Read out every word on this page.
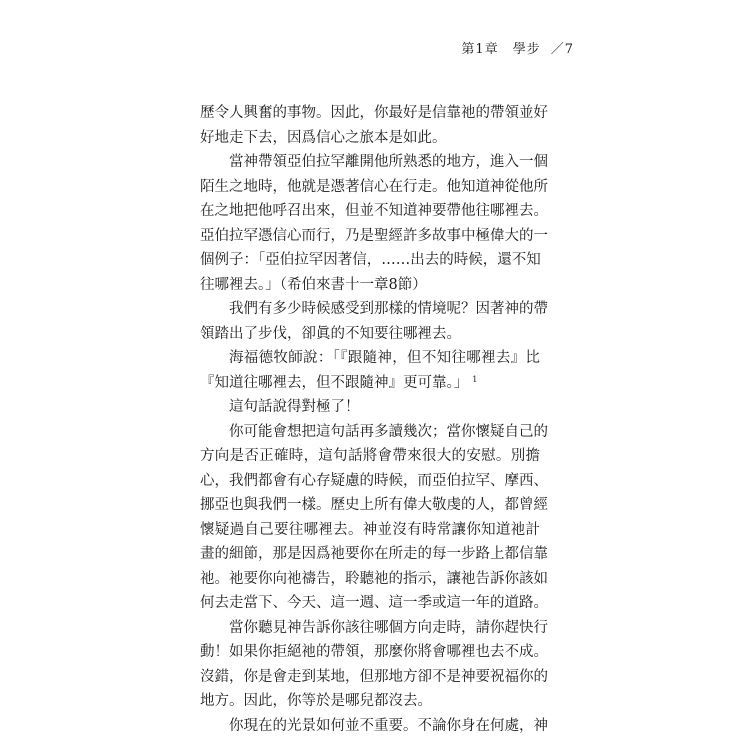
第1章 學步 ／7
歷令人興奮的事物。因此，你最好是信靠祂的帶領並好
好地走下去，因爲信心之旅本是如此。
當神帶領亞伯拉罕離開他所熟悉的地方，進入一個
陌生之地時，他就是憑著信心在行走。他知道神從他所
在之地把他呼召出來，但並不知道神要帶他往哪裡去。
亞伯拉罕憑信心而行，乃是聖經許多故事中極偉大的一
個例子：「亞伯拉罕因著信，……出去的時候，還不知
往哪裡去。」（希伯來書十一章8節）
我們有多少時候感受到那樣的情境呢？因著神的帶
領踏出了步伐，卻眞的不知要往哪裡去。
海福德牧師說：「『跟隨神，但不知往哪裡去』比
『知道往哪裡去，但不跟隨神』更可靠。」 $^1$
這句話說得對極了！
你可能會想把這句話再多讀幾次；當你懷疑自己的
方向是否正確時，這句話將會帶來很大的安慰。別擔
心，我們都會有心存疑慮的時候，而亞伯拉罕、摩西、
挪亞也與我們一樣。歷史上所有偉大敬虔的人，都曾經
懷疑過自己要往哪裡去。神並沒有時常讓你知道祂計
畫的細節，那是因爲祂要你在所走的每一步路上都信靠
祂。祂要你向祂禱告，聆聽祂的指示，讓祂告訴你該如
何去走當下、今天、這一週、這一季或這一年的道路。
當你聽見神告訴你該往哪個方向走時，請你趕快行
動！如果你拒絕祂的帶領，那麼你將會哪裡也去不成。
沒錯，你是會走到某地，但那地方卻不是神要祝福你的
地方。因此，你等於是哪兒都沒去。
你現在的光景如何並不重要。不論你身在何處，神
